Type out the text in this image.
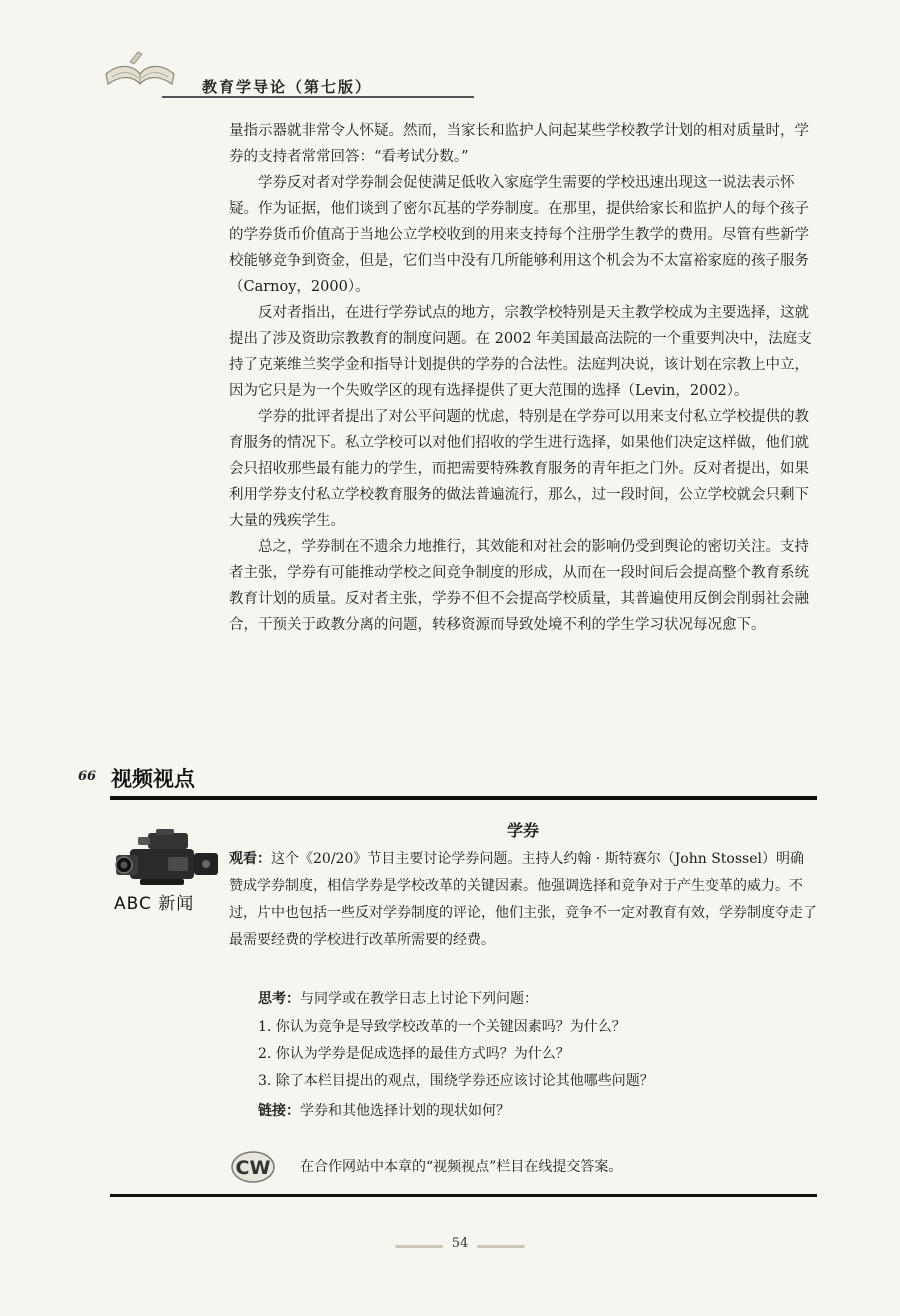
教育学导论（第七版）

量指示器就非常令人怀疑。然而，当家长和监护人问起某些学校教学计划的相对质量时，学券的支持者常常回答：“看考试分数。”

学券反对者对学券制会促使满足低收入家庭学生需要的学校迅速出现这一说法表示怀疑。作为证据，他们谈到了密尔瓦基的学券制度。在那里，提供给家长和监护人的每个孩子的学券货币价值高于当地公立学校收到的用来支持每个注册学生教学的费用。尽管有些新学校能够竞争到资金，但是，它们当中没有几所能够利用这个机会为不太富裕家庭的孩子服务（Carnoy，2000）。

反对者指出，在进行学券试点的地方，宗教学校特别是天主教学校成为主要选择，这就提出了涉及资助宗教教育的制度问题。在 2002 年美国最高法院的一个重要判决中，法庭支持了克莱维兰奖学金和指导计划提供的学券的合法性。法庭判决说，该计划在宗教上中立，因为它只是为一个失败学区的现有选择提供了更大范围的选择（Levin，2002）。

学券的批评者提出了对公平问题的忧虑，特别是在学券可以用来支付私立学校提供的教育服务的情况下。私立学校可以对他们招收的学生进行选择，如果他们决定这样做，他们就会只招收那些最有能力的学生，而把需要特殊教育服务的青年拒之门外。反对者提出，如果利用学券支付私立学校教育服务的做法普遍流行，那么，过一段时间，公立学校就会只剩下大量的残疾学生。

总之，学券制在不遗余力地推行，其效能和对社会的影响仍受到舆论的密切关注。支持者主张，学券有可能推动学校之间竞争制度的形成，从而在一段时间后会提高整个教育系统教育计划的质量。反对者主张，学券不但不会提高学校质量，其普遍使用反倒会削弱社会融合，干预关于政教分离的问题，转移资源而导致处境不利的学生学习状况每况愈下。

66 视频视点
ABC 新闻
学券
观看：这个《20/20》节目主要讨论学券问题。主持人约翰 · 斯特赛尔（John Stossel）明确赞成学券制度，相信学券是学校改革的关键因素。他强调选择和竞争对于产生变革的威力。不过，片中也包括一些反对学券制度的评论，他们主张，竞争不一定对教育有效，学券制度夺走了最需要经费的学校进行改革所需要的经费。
思考：与同学或在教学日志上讨论下列问题：
1. 你认为竞争是导致学校改革的一个关键因素吗？为什么？
2. 你认为学券是促成选择的最佳方式吗？为什么？
3. 除了本栏目提出的观点，围绕学券还应该讨论其他哪些问题？
链接：学券和其他选择计划的现状如何？
CW 在合作网站中本章的“视频视点”栏目在线提交答案。
54
